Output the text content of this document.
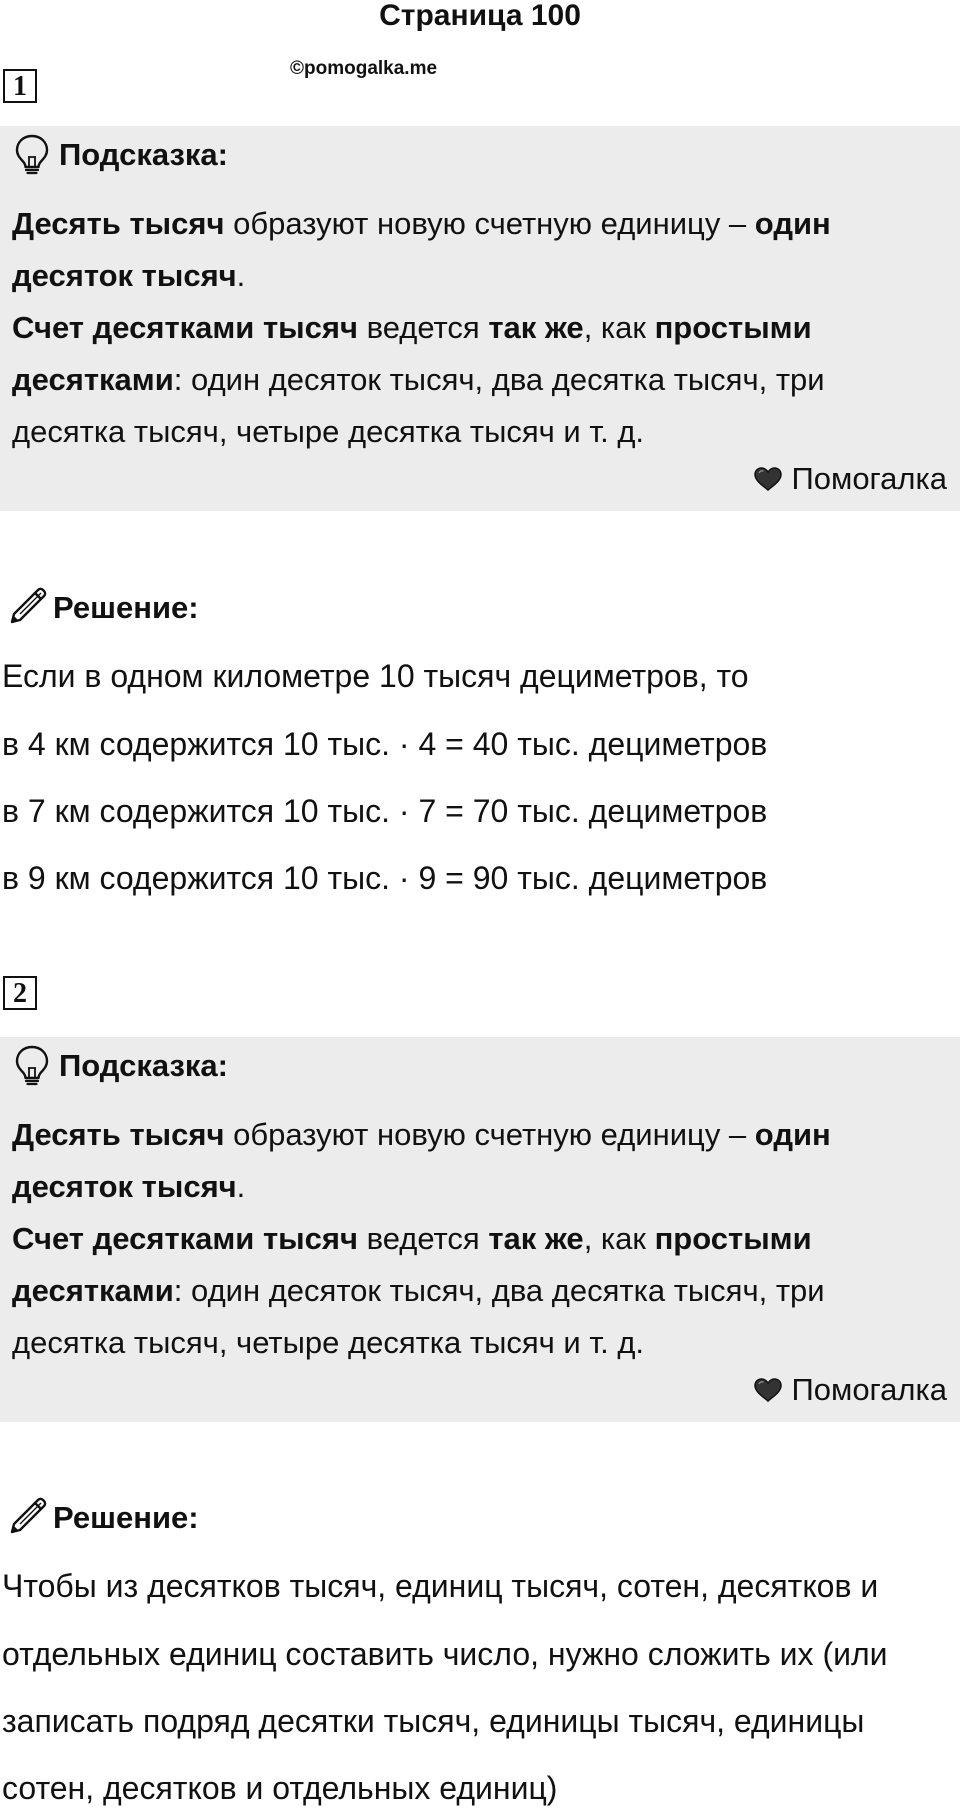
Страница 100
1
©pomogalka.me
Подсказка:
Десять тысяч образуют новую счетную единицу – один десяток тысяч.
Счет десятками тысяч ведется так же, как простыми десятками: один десяток тысяч, два десятка тысяч, три десятка тысяч, четыре десятка тысяч и т. д.
Помогалка
Решение:
Если в одном километре 10 тысяч дециметров, то
в 4 км содержится 10 тыс. · 4 = 40 тыс. дециметров
в 7 км содержится 10 тыс. · 7 = 70 тыс. дециметров
в 9 км содержится 10 тыс. · 9 = 90 тыс. дециметров
2
Подсказка:
Десять тысяч образуют новую счетную единицу – один десяток тысяч.
Счет десятками тысяч ведется так же, как простыми десятками: один десяток тысяч, два десятка тысяч, три десятка тысяч, четыре десятка тысяч и т. д.
Помогалка
Решение:
Чтобы из десятков тысяч, единиц тысяч, сотен, десятков и
отдельных единиц составить число, нужно сложить их (или
записать подряд десятки тысяч, единицы тысяч, единицы
сотен, десятков и отдельных единиц)
